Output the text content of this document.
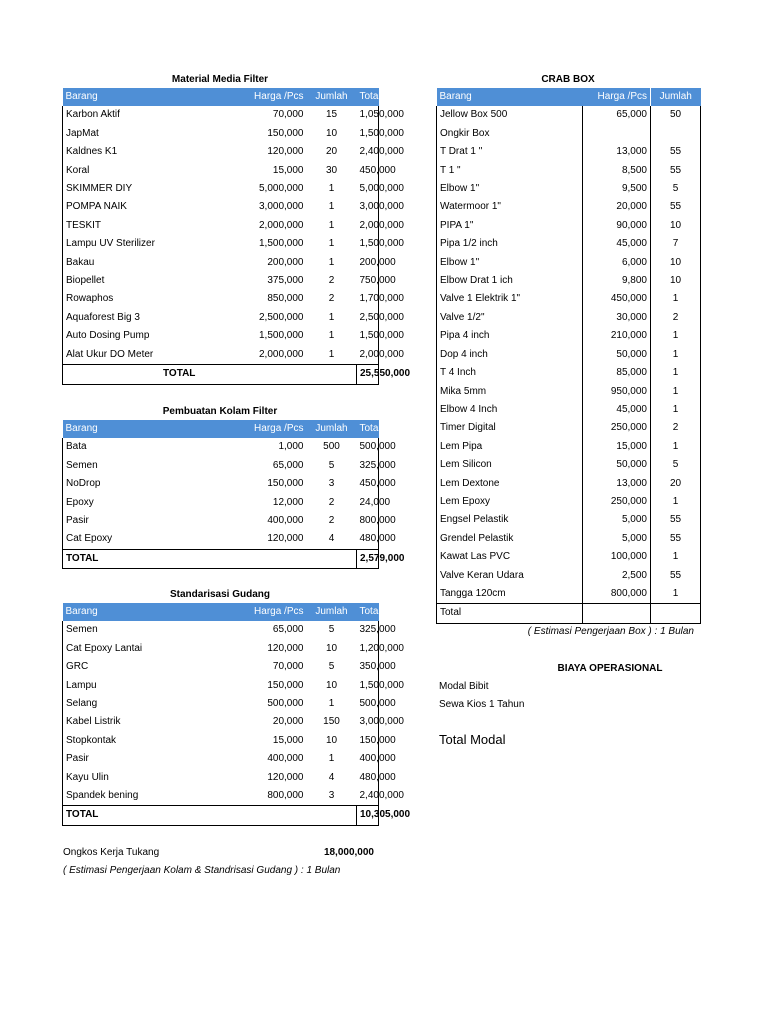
Material Media Filter
Barang	Harga /Pcs	Jumlah	Total Harga
Karbon Aktif	70,000	15	1,050,000
JapMat	150,000	10	1,500,000
Kaldnes K1	120,000	20	2,400,000
Koral	15,000	30	450,000
SKIMMER DIY	5,000,000	1	5,000,000
POMPA NAIK	3,000,000	1	3,000,000
TESKIT	2,000,000	1	2,000,000
Lampu UV Sterilizer	1,500,000	1	1,500,000
Bakau	200,000	1	200,000
Biopellet	375,000	2	750,000
Rowaphos	850,000	2	1,700,000
Aquaforest Big 3	2,500,000	1	2,500,000
Auto Dosing Pump	1,500,000	1	1,500,000
Alat Ukur DO Meter	2,000,000	1	2,000,000
TOTAL			25,550,000
Pembuatan Kolam Filter
Barang	Harga /Pcs	Jumlah	Total Harga
Bata	1,000	500	500,000
Semen	65,000	5	325,000
NoDrop	150,000	3	450,000
Epoxy	12,000	2	24,000
Pasir	400,000	2	800,000
Cat Epoxy	120,000	4	480,000
TOTAL			2,579,000
Standarisasi Gudang
Barang	Harga /Pcs	Jumlah	Total Harga
Semen	65,000	5	325,000
Cat Epoxy Lantai	120,000	10	1,200,000
GRC	70,000	5	350,000
Lampu	150,000	10	1,500,000
Selang	500,000	1	500,000
Kabel Listrik	20,000	150	3,000,000
Stopkontak	15,000	10	150,000
Pasir	400,000	1	400,000
Kayu Ulin	120,000	4	480,000
Spandek bening	800,000	3	2,400,000
TOTAL			10,305,000
Ongkos Kerja Tukang	18,000,000
( Estimasi Pengerjaan Kolam & Standrisasi Gudang ) : 1 Bulan
CRAB BOX
Barang	Harga /Pcs	Jumlah
Jellow Box 500	65,000	50
Ongkir Box		
T Drat 1 "	13,000	55
T 1 "	8,500	55
Elbow 1"	9,500	5
Watermoor 1"	20,000	55
PIPA 1"	90,000	10
Pipa 1/2 inch	45,000	7
Elbow 1"	6,000	10
Elbow Drat 1 ich	9,800	10
Valve 1 Elektrik 1"	450,000	1
Valve 1/2"	30,000	2
Pipa 4 inch	210,000	1
Dop 4 inch	50,000	1
T 4 Inch	85,000	1
Mika 5mm	950,000	1
Elbow 4 Inch	45,000	1
Timer Digital	250,000	2
Lem Pipa	15,000	1
Lem Silicon	50,000	5
Lem Dextone	13,000	20
Lem Epoxy	250,000	1
Engsel Pelastik	5,000	55
Grendel Pelastik	5,000	55
Kawat Las PVC	100,000	1
Valve Keran Udara	2,500	55
Tangga 120cm	800,000	1
Total		
( Estimasi Pengerjaan Box ) : 1 Bulan
BIAYA OPERASIONAL
Modal Bibit
Sewa Kios 1 Tahun
Total Modal
